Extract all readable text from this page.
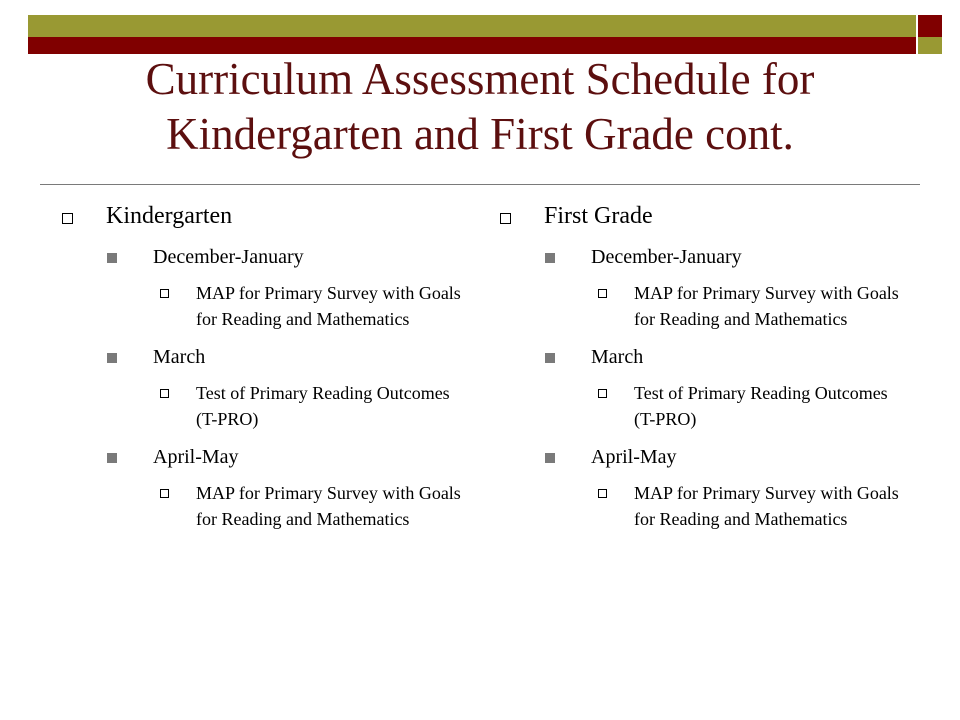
Curriculum Assessment Schedule for Kindergarten and First Grade cont.
Kindergarten
December-January
MAP for Primary Survey with Goals for Reading and Mathematics
March
Test of Primary Reading Outcomes (T-PRO)
April-May
MAP for Primary Survey with Goals for Reading and Mathematics
First Grade
December-January
MAP for Primary Survey with Goals for Reading and Mathematics
March
Test of Primary Reading Outcomes (T-PRO)
April-May
MAP for Primary Survey with Goals for Reading and Mathematics
